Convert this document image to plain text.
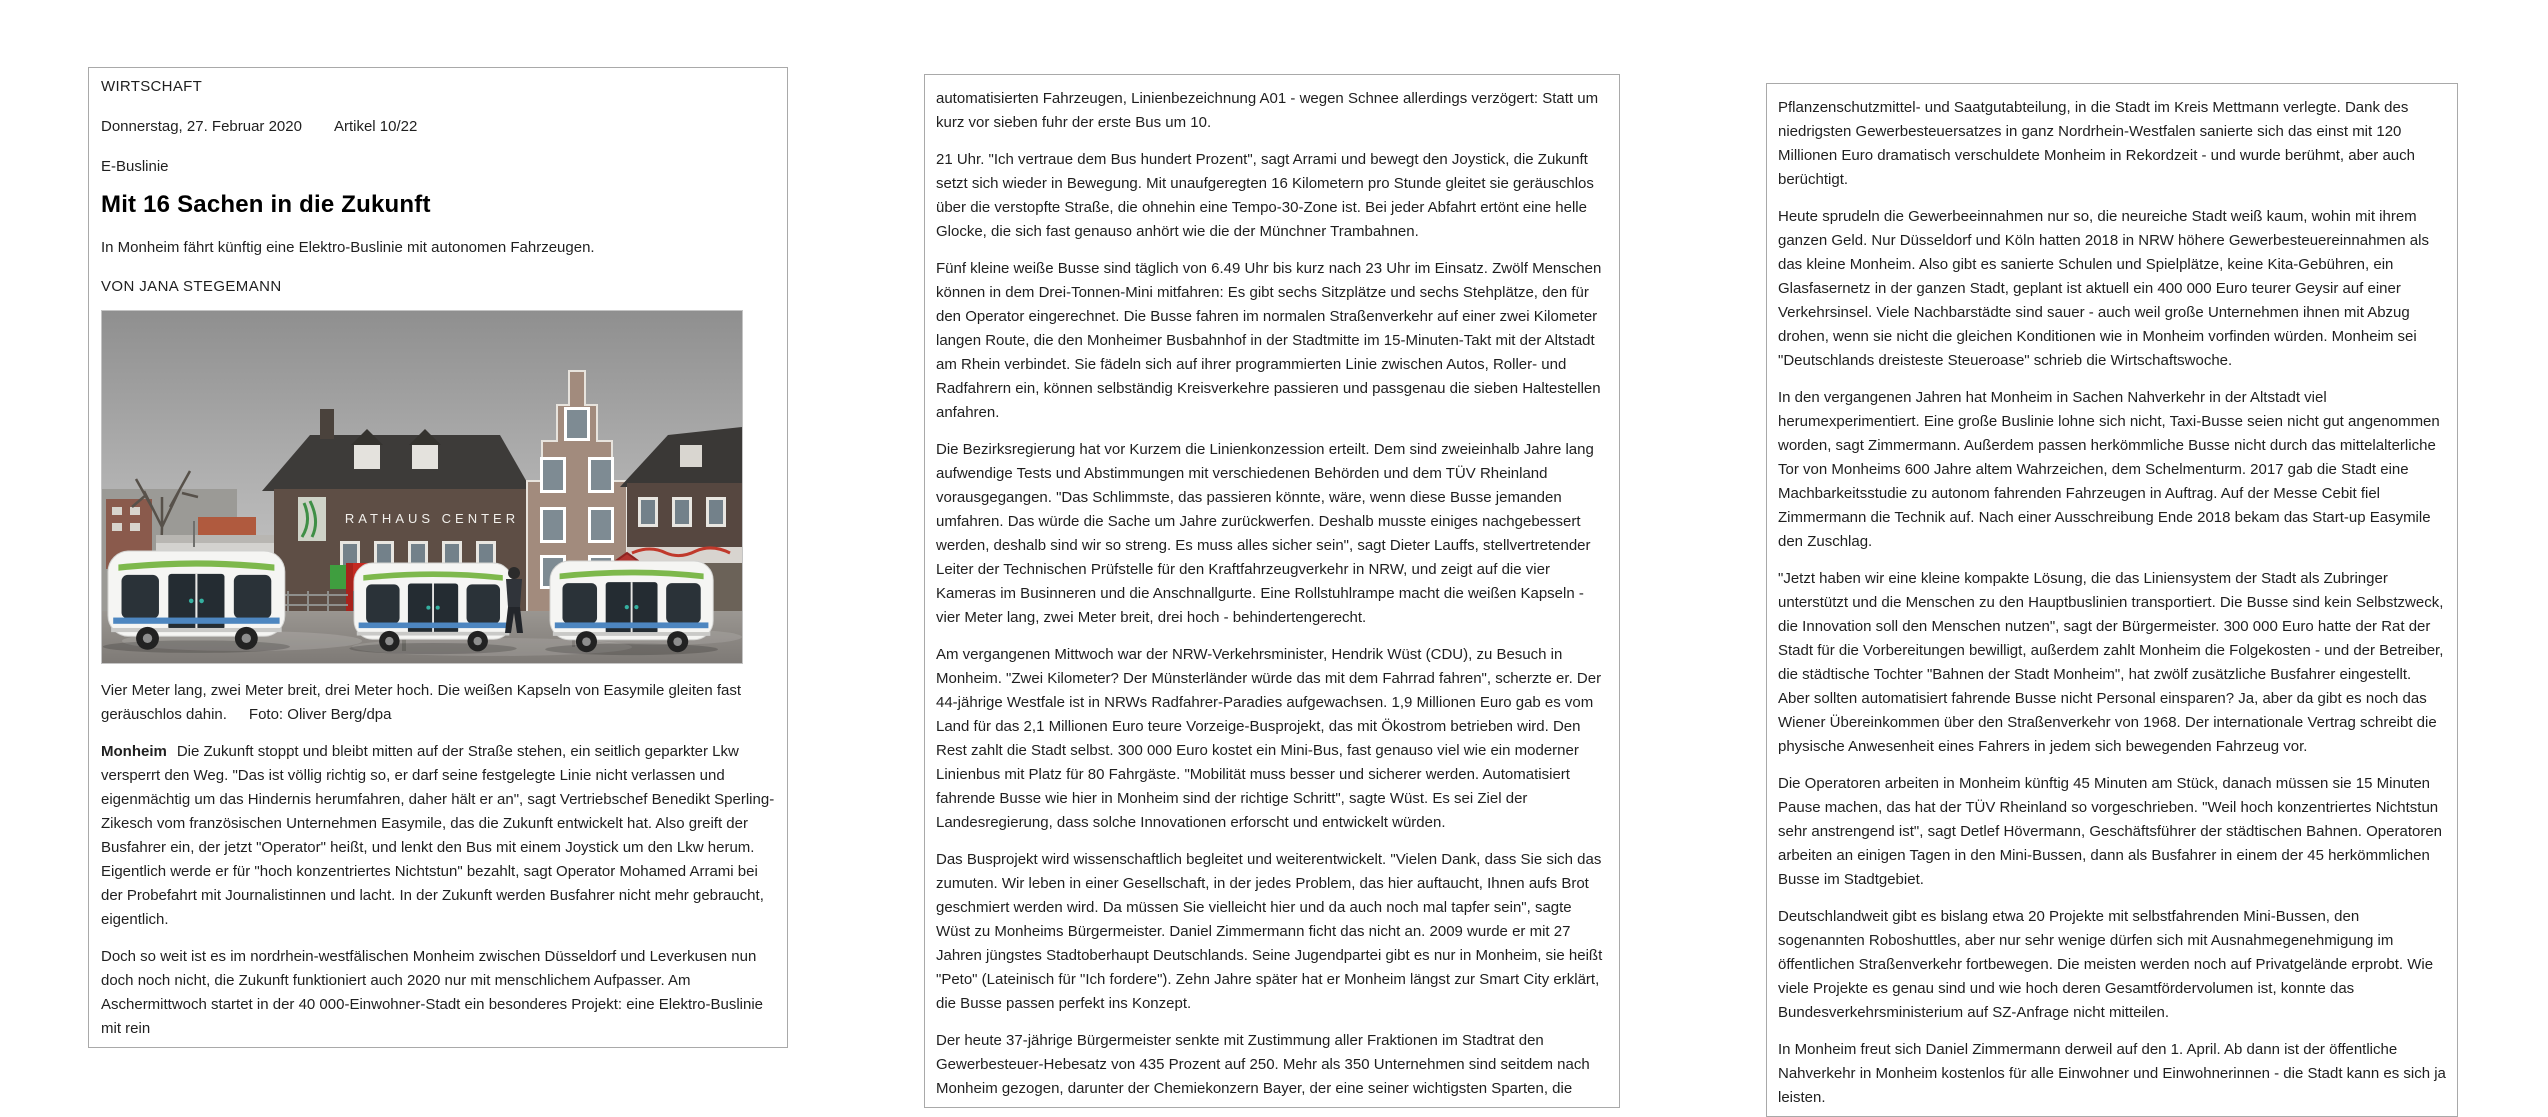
WIRTSCHAFT
Donnerstag, 27. Februar 2020 Artikel 10/22
E-Buslinie
Mit 16 Sachen in die Zukunft
In Monheim fährt künftig eine Elektro-Buslinie mit autonomen Fahrzeugen.
VON JANA STEGEMANN
RATHAUS CENTER
Vier Meter lang, zwei Meter breit, drei Meter hoch. Die weißen Kapseln von Easymile gleiten fast geräuschlos dahin. Foto: Oliver Berg/dpa

Monheim Die Zukunft stoppt und bleibt mitten auf der Straße stehen, ein seitlich geparkter Lkw versperrt den Weg. "Das ist völlig richtig so, er darf seine festgelegte Linie nicht verlassen und eigenmächtig um das Hindernis herumfahren, daher hält er an", sagt Vertriebschef Benedikt Sperling-Zikesch vom französischen Unternehmen Easymile, das die Zukunft entwickelt hat. Also greift der Busfahrer ein, der jetzt "Operator" heißt, und lenkt den Bus mit einem Joystick um den Lkw herum. Eigentlich werde er für "hoch konzentriertes Nichtstun" bezahlt, sagt Operator Mohamed Arrami bei der Probefahrt mit Journalistinnen und lacht. In der Zukunft werden Busfahrer nicht mehr gebraucht, eigentlich.

Doch so weit ist es im nordrhein-westfälischen Monheim zwischen Düsseldorf und Leverkusen nun doch noch nicht, die Zukunft funktioniert auch 2020 nur mit menschlichem Aufpasser. Am Aschermittwoch startet in der 40 000-Einwohner-Stadt ein besonderes Projekt: eine Elektro-Buslinie mit rein

automatisierten Fahrzeugen, Linienbezeichnung A01 - wegen Schnee allerdings verzögert: Statt um kurz vor sieben fuhr der erste Bus um 10.

21 Uhr. "Ich vertraue dem Bus hundert Prozent", sagt Arrami und bewegt den Joystick, die Zukunft setzt sich wieder in Bewegung. Mit unaufgeregten 16 Kilometern pro Stunde gleitet sie geräuschlos über die verstopfte Straße, die ohnehin eine Tempo-30-Zone ist. Bei jeder Abfahrt ertönt eine helle Glocke, die sich fast genauso anhört wie die der Münchner Trambahnen.

Fünf kleine weiße Busse sind täglich von 6.49 Uhr bis kurz nach 23 Uhr im Einsatz. Zwölf Menschen können in dem Drei-Tonnen-Mini mitfahren: Es gibt sechs Sitzplätze und sechs Stehplätze, den für den Operator eingerechnet. Die Busse fahren im normalen Straßenverkehr auf einer zwei Kilometer langen Route, die den Monheimer Busbahnhof in der Stadtmitte im 15-Minuten-Takt mit der Altstadt am Rhein verbindet. Sie fädeln sich auf ihrer programmierten Linie zwischen Autos, Roller- und Radfahrern ein, können selbständig Kreisverkehre passieren und passgenau die sieben Haltestellen anfahren.

Die Bezirksregierung hat vor Kurzem die Linienkonzession erteilt. Dem sind zweieinhalb Jahre lang aufwendige Tests und Abstimmungen mit verschiedenen Behörden und dem TÜV Rheinland vorausgegangen. "Das Schlimmste, das passieren könnte, wäre, wenn diese Busse jemanden umfahren. Das würde die Sache um Jahre zurückwerfen. Deshalb musste einiges nachgebessert werden, deshalb sind wir so streng. Es muss alles sicher sein", sagt Dieter Lauffs, stellvertretender Leiter der Technischen Prüfstelle für den Kraftfahrzeugverkehr in NRW, und zeigt auf die vier Kameras im Businneren und die Anschnallgurte. Eine Rollstuhlrampe macht die weißen Kapseln - vier Meter lang, zwei Meter breit, drei hoch - behindertengerecht.

Am vergangenen Mittwoch war der NRW-Verkehrsminister, Hendrik Wüst (CDU), zu Besuch in Monheim. "Zwei Kilometer? Der Münsterländer würde das mit dem Fahrrad fahren", scherzte er. Der 44-jährige Westfale ist in NRWs Radfahrer-Paradies aufgewachsen. 1,9 Millionen Euro gab es vom Land für das 2,1 Millionen Euro teure Vorzeige-Busprojekt, das mit Ökostrom betrieben wird. Den Rest zahlt die Stadt selbst. 300 000 Euro kostet ein Mini-Bus, fast genauso viel wie ein moderner Linienbus mit Platz für 80 Fahrgäste. "Mobilität muss besser und sicherer werden. Automatisiert fahrende Busse wie hier in Monheim sind der richtige Schritt", sagte Wüst. Es sei Ziel der Landesregierung, dass solche Innovationen erforscht und entwickelt würden.

Das Busprojekt wird wissenschaftlich begleitet und weiterentwickelt. "Vielen Dank, dass Sie sich das zumuten. Wir leben in einer Gesellschaft, in der jedes Problem, das hier auftaucht, Ihnen aufs Brot geschmiert werden wird. Da müssen Sie vielleicht hier und da auch noch mal tapfer sein", sagte Wüst zu Monheims Bürgermeister. Daniel Zimmermann ficht das nicht an. 2009 wurde er mit 27 Jahren jüngstes Stadtoberhaupt Deutschlands. Seine Jugendpartei gibt es nur in Monheim, sie heißt "Peto" (Lateinisch für "Ich fordere"). Zehn Jahre später hat er Monheim längst zur Smart City erklärt, die Busse passen perfekt ins Konzept.

Der heute 37-jährige Bürgermeister senkte mit Zustimmung aller Fraktionen im Stadtrat den Gewerbesteuer-Hebesatz von 435 Prozent auf 250. Mehr als 350 Unternehmen sind seitdem nach Monheim gezogen, darunter der Chemiekonzern Bayer, der eine seiner wichtigsten Sparten, die

Pflanzenschutzmittel- und Saatgutabteilung, in die Stadt im Kreis Mettmann verlegte. Dank des niedrigsten Gewerbesteuersatzes in ganz Nordrhein-Westfalen sanierte sich das einst mit 120 Millionen Euro dramatisch verschuldete Monheim in Rekordzeit - und wurde berühmt, aber auch berüchtigt.

Heute sprudeln die Gewerbeeinnahmen nur so, die neureiche Stadt weiß kaum, wohin mit ihrem ganzen Geld. Nur Düsseldorf und Köln hatten 2018 in NRW höhere Gewerbesteuereinnahmen als das kleine Monheim. Also gibt es sanierte Schulen und Spielplätze, keine Kita-Gebühren, ein Glasfasernetz in der ganzen Stadt, geplant ist aktuell ein 400 000 Euro teurer Geysir auf einer Verkehrsinsel. Viele Nachbarstädte sind sauer - auch weil große Unternehmen ihnen mit Abzug drohen, wenn sie nicht die gleichen Konditionen wie in Monheim vorfinden würden. Monheim sei "Deutschlands dreisteste Steueroase" schrieb die Wirtschaftswoche.

In den vergangenen Jahren hat Monheim in Sachen Nahverkehr in der Altstadt viel herumexperimentiert. Eine große Buslinie lohne sich nicht, Taxi-Busse seien nicht gut angenommen worden, sagt Zimmermann. Außerdem passen herkömmliche Busse nicht durch das mittelalterliche Tor von Monheims 600 Jahre altem Wahrzeichen, dem Schelmenturm. 2017 gab die Stadt eine Machbarkeitsstudie zu autonom fahrenden Fahrzeugen in Auftrag. Auf der Messe Cebit fiel Zimmermann die Technik auf. Nach einer Ausschreibung Ende 2018 bekam das Start-up Easymile den Zuschlag.

"Jetzt haben wir eine kleine kompakte Lösung, die das Liniensystem der Stadt als Zubringer unterstützt und die Menschen zu den Hauptbuslinien transportiert. Die Busse sind kein Selbstzweck, die Innovation soll den Menschen nutzen", sagt der Bürgermeister. 300 000 Euro hatte der Rat der Stadt für die Vorbereitungen bewilligt, außerdem zahlt Monheim die Folgekosten - und der Betreiber, die städtische Tochter "Bahnen der Stadt Monheim", hat zwölf zusätzliche Busfahrer eingestellt. Aber sollten automatisiert fahrende Busse nicht Personal einsparen? Ja, aber da gibt es noch das Wiener Übereinkommen über den Straßenverkehr von 1968. Der internationale Vertrag schreibt die physische Anwesenheit eines Fahrers in jedem sich bewegenden Fahrzeug vor.

Die Operatoren arbeiten in Monheim künftig 45 Minuten am Stück, danach müssen sie 15 Minuten Pause machen, das hat der TÜV Rheinland so vorgeschrieben. "Weil hoch konzentriertes Nichtstun sehr anstrengend ist", sagt Detlef Hövermann, Geschäftsführer der städtischen Bahnen. Operatoren arbeiten an einigen Tagen in den Mini-Bussen, dann als Busfahrer in einem der 45 herkömmlichen Busse im Stadtgebiet.

Deutschlandweit gibt es bislang etwa 20 Projekte mit selbstfahrenden Mini-Bussen, den sogenannten Roboshuttles, aber nur sehr wenige dürfen sich mit Ausnahmegenehmigung im öffentlichen Straßenverkehr fortbewegen. Die meisten werden noch auf Privatgelände erprobt. Wie viele Projekte es genau sind und wie hoch deren Gesamtfördervolumen ist, konnte das Bundesverkehrsministerium auf SZ-Anfrage nicht mitteilen.

In Monheim freut sich Daniel Zimmermann derweil auf den 1. April. Ab dann ist der öffentliche Nahverkehr in Monheim kostenlos für alle Einwohner und Einwohnerinnen - die Stadt kann es sich ja leisten.
